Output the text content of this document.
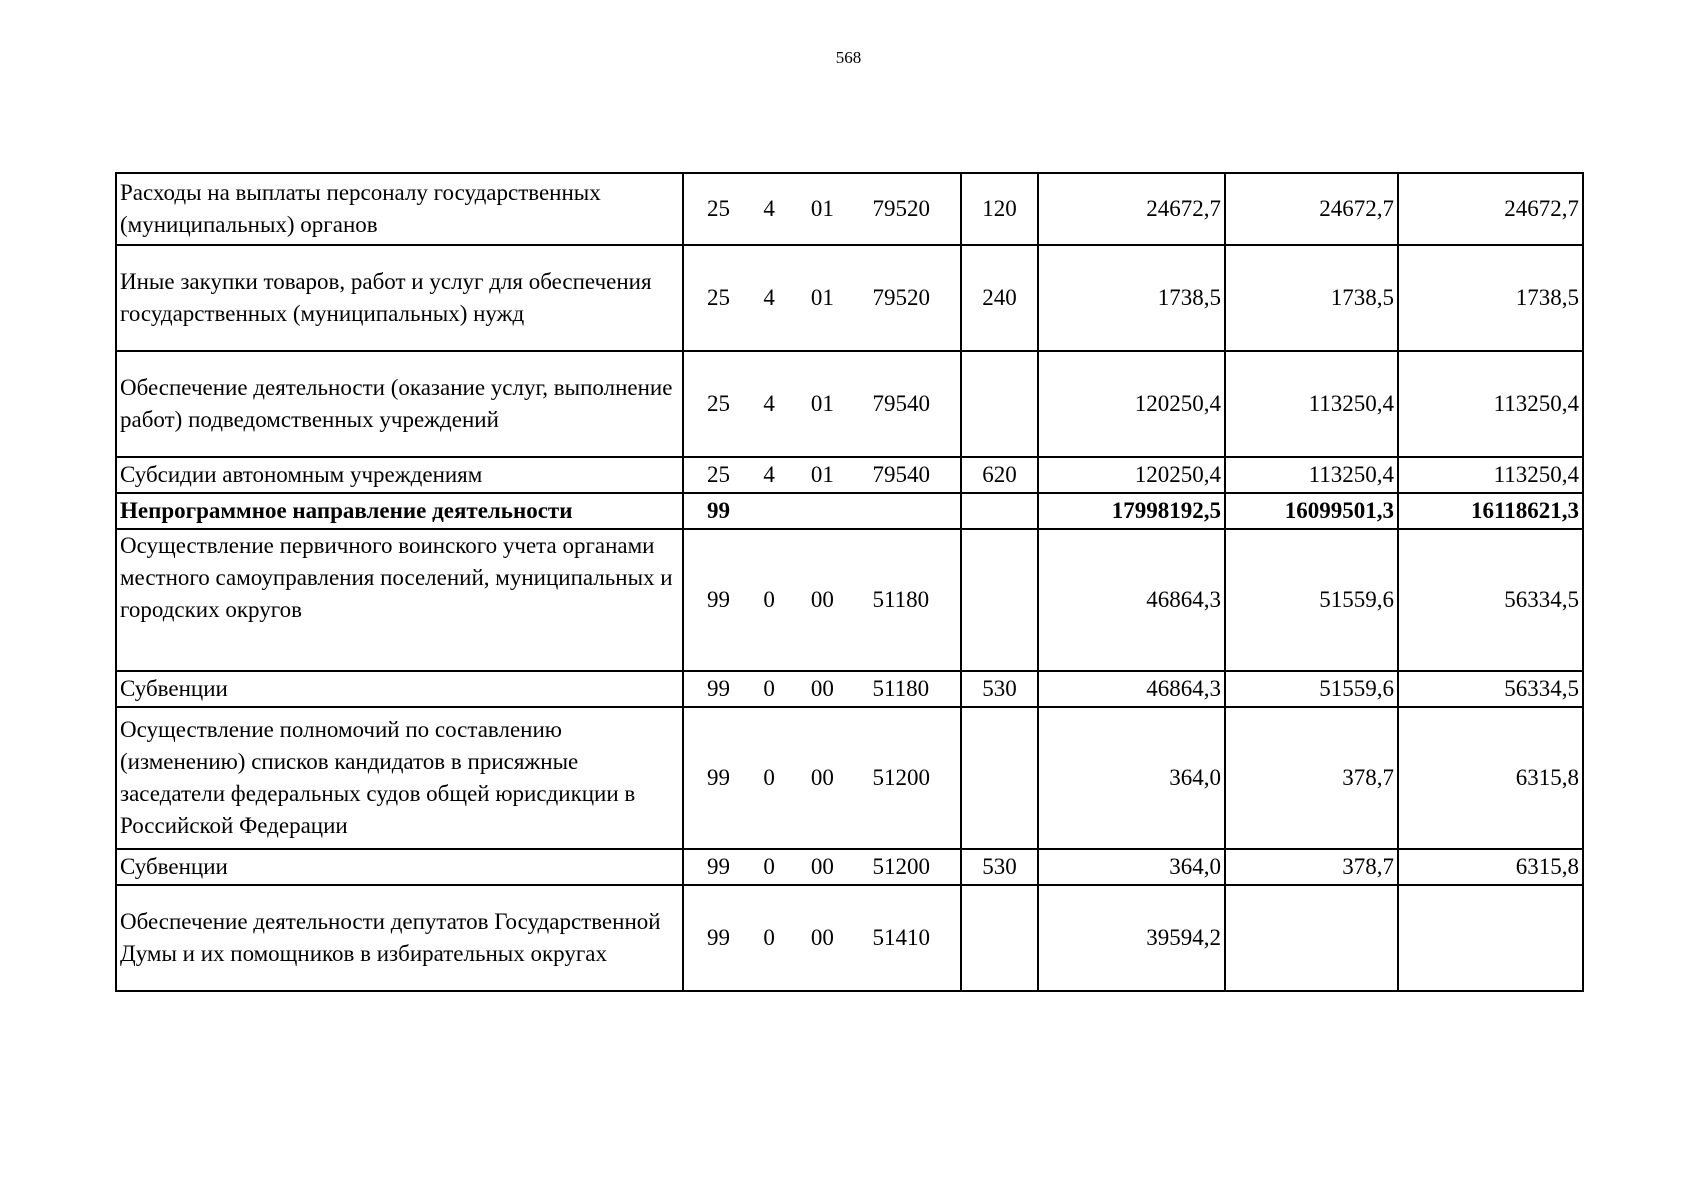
568
Расходы на выплаты персоналу государственных (муниципальных) органов	25 4 01 79520	120	24672,7	24672,7	24672,7
Иные закупки товаров, работ и услуг для обеспечения государственных (муниципальных) нужд	25 4 01 79520	240	1738,5	1738,5	1738,5
Обеспечение деятельности (оказание услуг, выполнение работ) подведомственных учреждений	25 4 01 79540		120250,4	113250,4	113250,4
Субсидии автономным учреждениям	25 4 01 79540	620	120250,4	113250,4	113250,4
Непрограммное направление деятельности	99		17998192,5	16099501,3	16118621,3
Осуществление первичного воинского учета органами местного самоуправления поселений, муниципальных и городских округов	99 0 00 51180		46864,3	51559,6	56334,5
Субвенции	99 0 00 51180	530	46864,3	51559,6	56334,5
Осуществление полномочий по составлению (изменению) списков кандидатов в присяжные заседатели федеральных судов общей юрисдикции в Российской Федерации	99 0 00 51200		364,0	378,7	6315,8
Субвенции	99 0 00 51200	530	364,0	378,7	6315,8
Обеспечение деятельности депутатов Государственной Думы и их помощников в избирательных округах	99 0 00 51410		39594,2		
